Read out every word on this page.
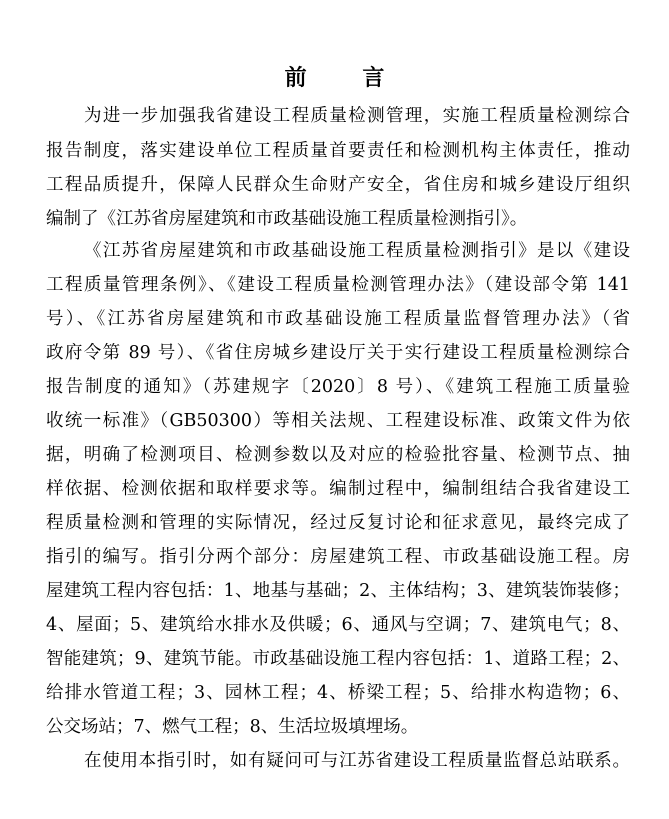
前 言
为进一步加强我省建设工程质量检测管理，实施工程质量检测综合
报告制度，落实建设单位工程质量首要责任和检测机构主体责任，推动
工程品质提升，保障人民群众生命财产安全，省住房和城乡建设厅组织
编制了《江苏省房屋建筑和市政基础设施工程质量检测指引》。
《江苏省房屋建筑和市政基础设施工程质量检测指引》是以《建设
工程质量管理条例》、《建设工程质量检测管理办法》（建设部令第 141
号）、《江苏省房屋建筑和市政基础设施工程质量监督管理办法》（省
政府令第 89 号）、《省住房城乡建设厅关于实行建设工程质量检测综合
报告制度的通知》（苏建规字〔2020〕8 号）、《建筑工程施工质量验
收统一标准》（GB50300）等相关法规、工程建设标准、政策文件为依
据，明确了检测项目、检测参数以及对应的检验批容量、检测节点、抽
样依据、检测依据和取样要求等。编制过程中，编制组结合我省建设工
程质量检测和管理的实际情况，经过反复讨论和征求意见，最终完成了
指引的编写。指引分两个部分：房屋建筑工程、市政基础设施工程。房
屋建筑工程内容包括：1、地基与基础；2、主体结构；3、建筑装饰装修；
4、屋面；5、建筑给水排水及供暖；6、通风与空调；7、建筑电气；8、
智能建筑；9、建筑节能。市政基础设施工程内容包括：1、道路工程；2、
给排水管道工程；3、园林工程；4、桥梁工程；5、给排水构造物；6、
公交场站；7、燃气工程；8、生活垃圾填埋场。
在使用本指引时，如有疑问可与江苏省建设工程质量监督总站联系。
